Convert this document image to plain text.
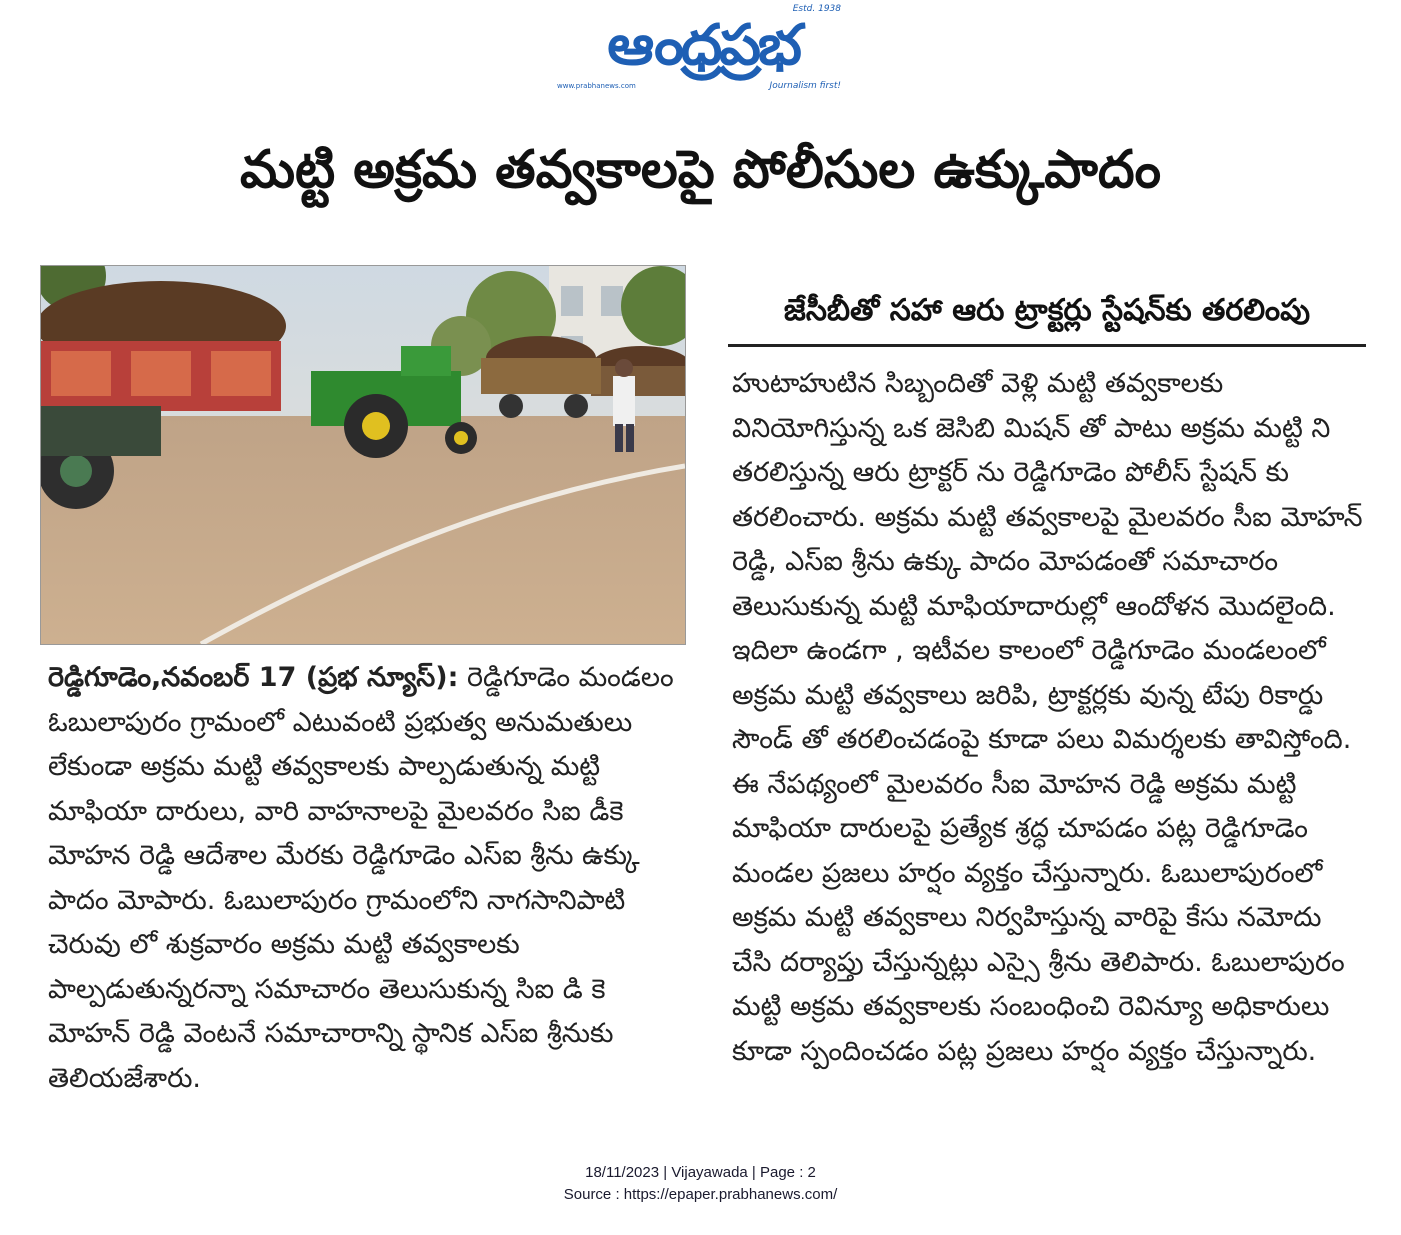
Estd. 1938
ఆంధ్రప్రభ
www.prabhanews.com	Journalism first!
మట్టి అక్రమ తవ్వకాలపై పోలీసుల ఉక్కుపాదం
రెడ్డిగూడెం,నవంబర్ 17 (ప్రభ న్యూస్): రెడ్డిగూడెం మండలం ఓబులాపురం గ్రామంలో ఎటువంటి ప్రభుత్వ అనుమతులు లేకుండా అక్రమ మట్టి తవ్వకాలకు పాల్పడుతున్న మట్టి మాఫియా దారులు, వారి వాహనాలపై మైలవరం సిఐ డీకె మోహన రెడ్డి ఆదేశాల మేరకు రెడ్డిగూడెం ఎస్ఐ శ్రీను ఉక్కు పాదం మోపారు. ఓబులాపురం గ్రామంలోని నాగసానిపాటి చెరువు లో శుక్రవారం అక్రమ మట్టి తవ్వకాలకు పాల్పడుతున్నరన్నా సమాచారం తెలుసుకున్న సిఐ డి కె మోహన్ రెడ్డి వెంటనే సమాచారాన్ని స్థానిక ఎస్ఐ శ్రీనుకు తెలియజేశారు.
జేసీబీతో సహా ఆరు ట్రాక్టర్లు స్టేషన్‌కు తరలింపు
హుటాహుటిన సిబ్బందితో వెళ్లి మట్టి తవ్వకాలకు వినియోగిస్తున్న ఒక జెసిబి మిషన్ తో పాటు అక్రమ మట్టి ని తరలిస్తున్న ఆరు ట్రాక్టర్ ను రెడ్డిగూడెం పోలీస్ స్టేషన్ కు తరలించారు. అక్రమ మట్టి తవ్వకాలపై మైలవరం సీఐ మోహన్ రెడ్డి, ఎస్ఐ శ్రీను ఉక్కు పాదం మోపడంతో సమాచారం తెలుసుకున్న మట్టి మాఫియాదారుల్లో ఆందోళన మొదలైంది. ఇదిలా ఉండగా , ఇటీవల కాలంలో రెడ్డిగూడెం మండలంలో అక్రమ మట్టి తవ్వకాలు జరిపి, ట్రాక్టర్లకు వున్న టేపు రికార్డు సౌండ్ తో తరలించడంపై కూడా పలు విమర్శలకు తావిస్తోంది. ఈ నేపథ్యంలో మైలవరం సీఐ మోహన రెడ్డి అక్రమ మట్టి మాఫియా దారులపై ప్రత్యేక శ్రద్ధ చూపడం పట్ల రెడ్డిగూడెం మండల ప్రజలు హర్షం వ్యక్తం చేస్తున్నారు. ఓబులాపురంలో అక్రమ మట్టి తవ్వకాలు నిర్వహిస్తున్న వారిపై కేసు నమోదు చేసి దర్యాప్తు చేస్తున్నట్లు ఎస్సై శ్రీను తెలిపారు. ఓబులాపురం మట్టి అక్రమ తవ్వకాలకు సంబంధించి రెవిన్యూ అధికారులు కూడా స్పందించడం పట్ల ప్రజలు హర్షం వ్యక్తం చేస్తున్నారు.
18/11/2023 | Vijayawada | Page : 2
Source : https://epaper.prabhanews.com/
